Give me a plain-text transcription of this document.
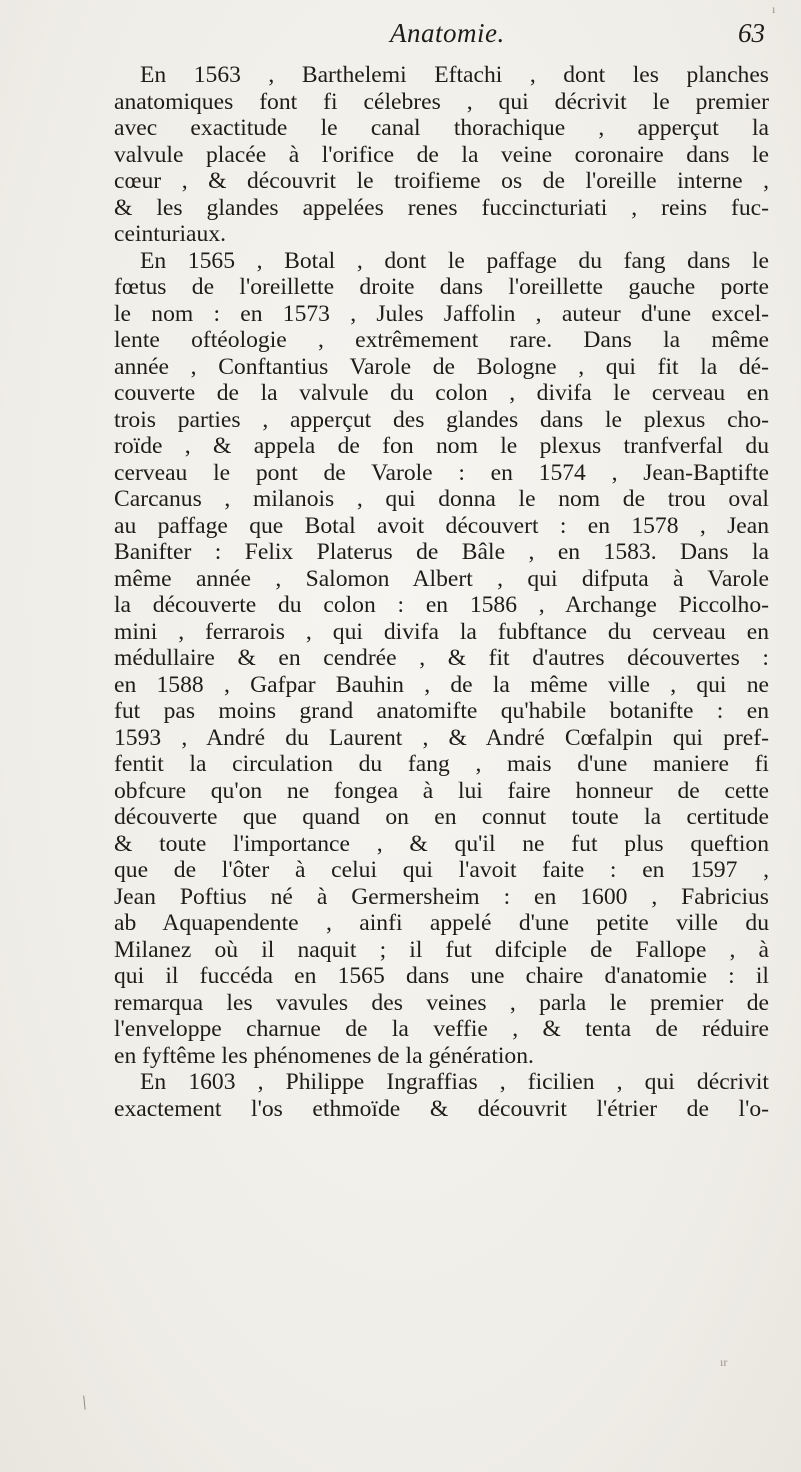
Anatomie.	63
En 1563 , Barthelemi Eftachi , dont les planches
anatomiques font fi célebres , qui décrivit le premier
avec exactitude le canal thorachique , apperçut la
valvule placée à l'orifice de la veine coronaire dans le
cœur , & découvrit le troifieme os de l'oreille interne ,
& les glandes appelées renes fuccincturiati , reins fuc-
ceinturiaux.
En 1565 , Botal , dont le paffage du fang dans le
fœtus de l'oreillette droite dans l'oreillette gauche porte
le nom : en 1573 , Jules Jaffolin , auteur d'une excel-
lente oftéologie , extrêmement rare. Dans la même
année , Conftantius Varole de Bologne , qui fit la dé-
couverte de la valvule du colon , divifa le cerveau en
trois parties , apperçut des glandes dans le plexus cho-
roïde , & appela de fon nom le plexus tranfverfal du
cerveau le pont de Varole : en 1574 , Jean-Baptifte
Carcanus , milanois , qui donna le nom de trou oval
au paffage que Botal avoit découvert : en 1578 , Jean
Banifter : Felix Platerus de Bâle , en 1583. Dans la
même année , Salomon Albert , qui difputa à Varole
la découverte du colon : en 1586 , Archange Piccolho-
mini , ferrarois , qui divifa la fubftance du cerveau en
médullaire & en cendrée , & fit d'autres découvertes :
en 1588 , Gafpar Bauhin , de la même ville , qui ne
fut pas moins grand anatomifte qu'habile botanifte : en
1593 , André du Laurent , & André Cœfalpin qui pref-
fentit la circulation du fang , mais d'une maniere fi
obfcure qu'on ne fongea à lui faire honneur de cette
découverte que quand on en connut toute la certitude
& toute l'importance , & qu'il ne fut plus queftion
que de l'ôter à celui qui l'avoit faite : en 1597 ,
Jean Poftius né à Germersheim : en 1600 , Fabricius
ab Aquapendente , ainfi appelé d'une petite ville du
Milanez où il naquit ; il fut difciple de Fallope , à
qui il fuccéda en 1565 dans une chaire d'anatomie : il
remarqua les vavules des veines , parla le premier de
l'enveloppe charnue de la veffie , & tenta de réduire
en fyftême les phénomenes de la génération.
En 1603 , Philippe Ingraffias , ficilien , qui décrivit
exactement l'os ethmoïde & découvrit l'étrier de l'o-
ı
ır
/
